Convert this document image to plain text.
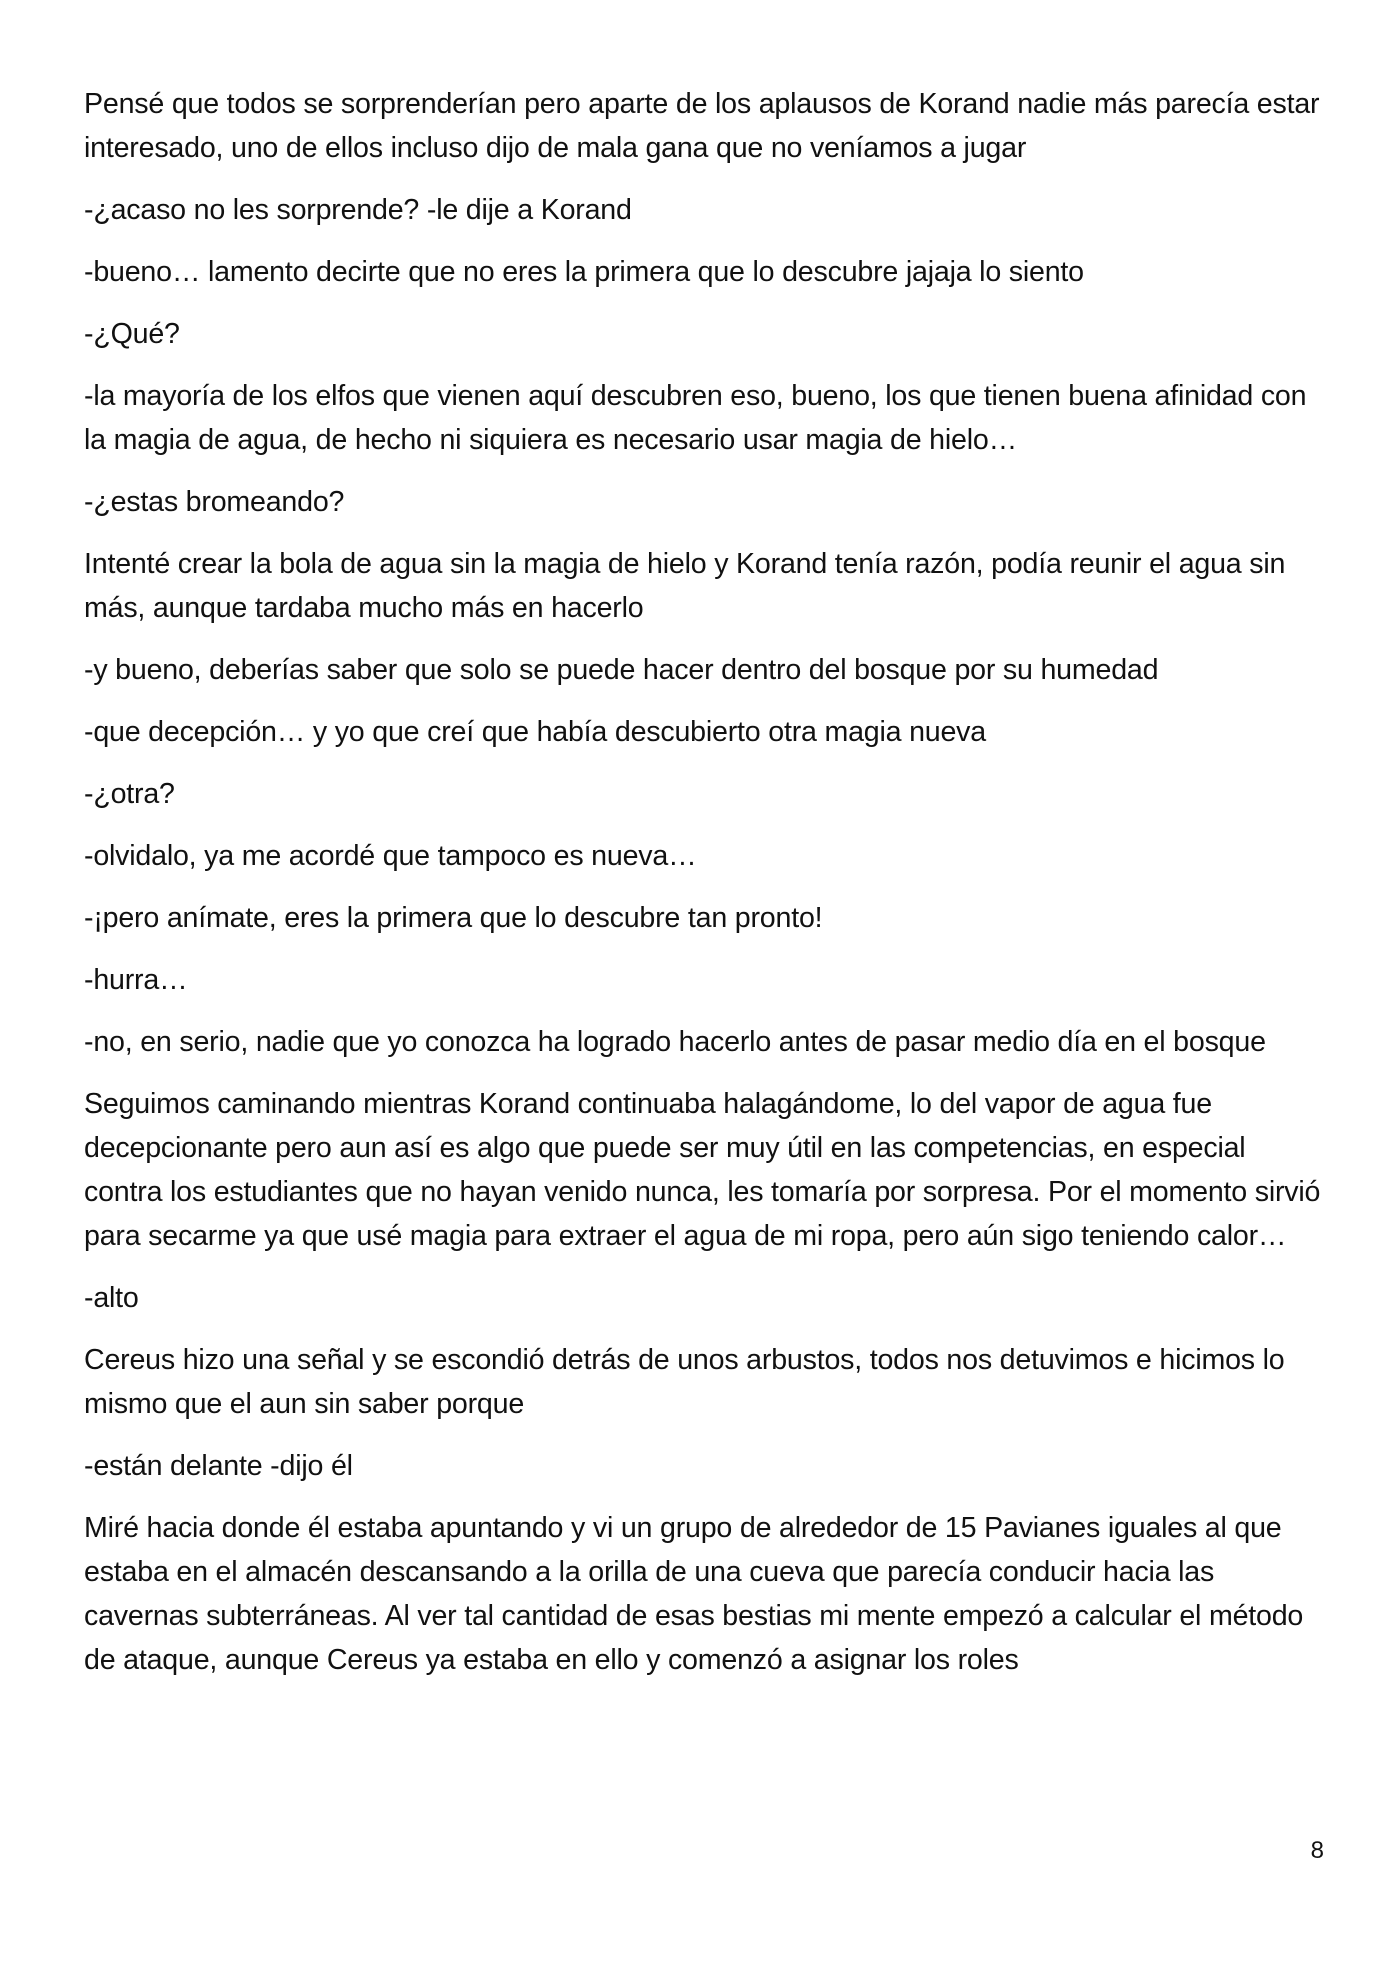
Pensé que todos se sorprenderían pero aparte de los aplausos de Korand nadie más parecía estar interesado, uno de ellos incluso dijo de mala gana que no veníamos a jugar

-¿acaso no les sorprende? -le dije a Korand

-bueno… lamento decirte que no eres la primera que lo descubre jajaja lo siento

-¿Qué?

-la mayoría de los elfos que vienen aquí descubren eso, bueno, los que tienen buena afinidad con la magia de agua, de hecho ni siquiera es necesario usar magia de hielo…

-¿estas bromeando?

Intenté crear la bola de agua sin la magia de hielo y Korand tenía razón, podía reunir el agua sin más, aunque tardaba mucho más en hacerlo

-y bueno, deberías saber que solo se puede hacer dentro del bosque por su humedad

-que decepción… y yo que creí que había descubierto otra magia nueva

-¿otra?

-olvidalo, ya me acordé que tampoco es nueva…

-¡pero anímate, eres la primera que lo descubre tan pronto!

-hurra…

-no, en serio, nadie que yo conozca ha logrado hacerlo antes de pasar medio día en el bosque

Seguimos caminando mientras Korand continuaba halagándome, lo del vapor de agua fue decepcionante pero aun así es algo que puede ser muy útil en las competencias, en especial contra los estudiantes que no hayan venido nunca, les tomaría por sorpresa. Por el momento sirvió para secarme ya que usé magia para extraer el agua de mi ropa, pero aún sigo teniendo calor…

-alto

Cereus hizo una señal y se escondió detrás de unos arbustos, todos nos detuvimos e hicimos lo mismo que el aun sin saber porque

-están delante -dijo él

Miré hacia donde él estaba apuntando y vi un grupo de alrededor de 15 Pavianes iguales al que estaba en el almacén descansando a la orilla de una cueva que parecía conducir hacia las cavernas subterráneas. Al ver tal cantidad de esas bestias mi mente empezó a calcular el método de ataque, aunque Cereus ya estaba en ello y comenzó a asignar los roles

8
